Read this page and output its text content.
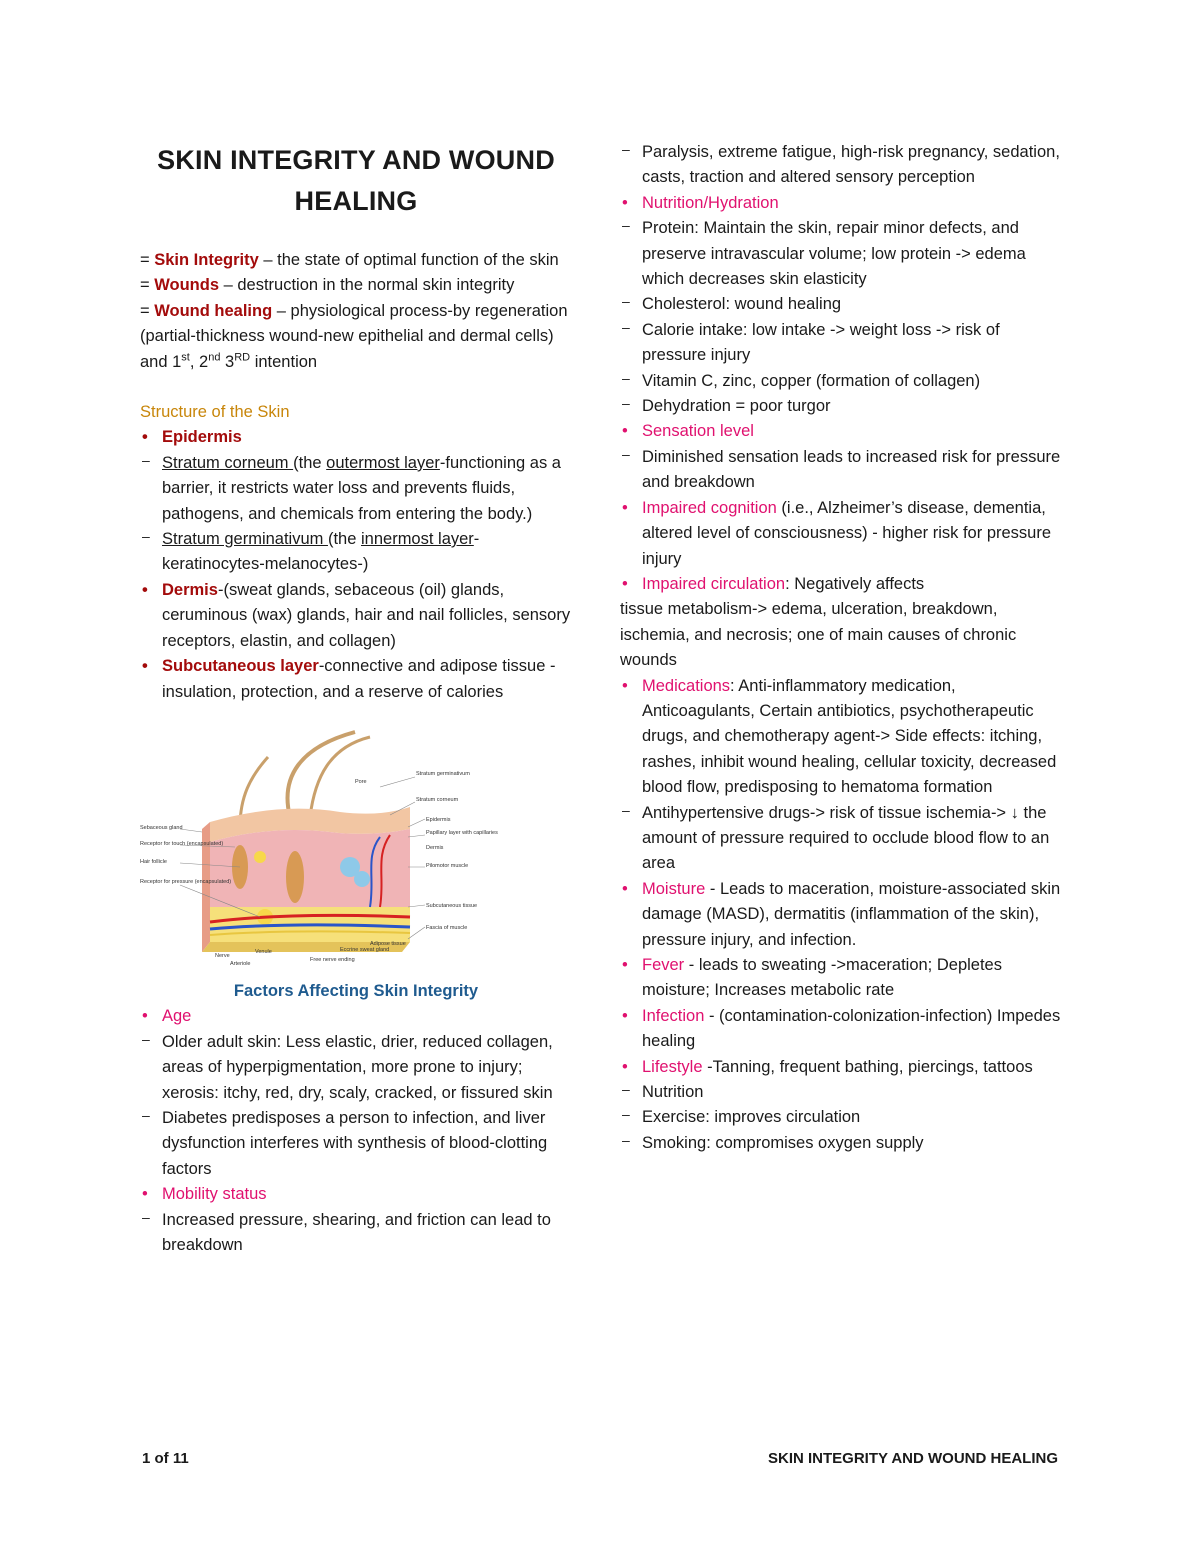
SKIN INTEGRITY AND WOUND
HEALING

= Skin Integrity – the state of optimal function of the skin

= Wounds – destruction in the normal skin integrity

= Wound healing – physiological process-by regeneration (partial-thickness wound-new epithelial and dermal cells) and 1st, 2nd 3RD intention

Structure of the Skin

• Epidermis
– Stratum corneum (the outermost layer-functioning as a barrier, it restricts water loss and prevents fluids, pathogens, and chemicals from entering the body.)
– Stratum germinativum (the innermost layer-keratinocytes-melanocytes-)
• Dermis-(sweat glands, sebaceous (oil) glands, ceruminous (wax) glands, hair and nail follicles, sensory receptors, elastin, and collagen)
• Subcutaneous layer-connective and adipose tissue - insulation, protection, and a reserve of calories
Pore
Stratum germinativum
Stratum corneum
Epidermis
Papillary layer with capillaries
Dermis
Pilomotor muscle
Subcutaneous tissue
Fascia of muscle
Sebaceous gland
Receptor for touch (encapsulated)
Hair follicle
Receptor for pressure (encapsulated)
Nerve
Arteriole
Venule
Free nerve ending
Eccrine sweat gland
Adipose tissue

Factors Affecting Skin Integrity

• Age
– Older adult skin: Less elastic, drier, reduced collagen, areas of hyperpigmentation, more prone to injury; xerosis: itchy, red, dry, scaly, cracked, or fissured skin
– Diabetes predisposes a person to infection, and liver dysfunction interferes with synthesis of blood-clotting factors
• Mobility status
– Increased pressure, shearing, and friction can lead to breakdown
– Paralysis, extreme fatigue, high-risk pregnancy, sedation, casts, traction and altered sensory perception
• Nutrition/Hydration
– Protein: Maintain the skin, repair minor defects, and preserve intravascular volume; low protein -> edema which decreases skin elasticity
– Cholesterol: wound healing
– Calorie intake: low intake -> weight loss -> risk of pressure injury
– Vitamin C, zinc, copper (formation of collagen)
– Dehydration = poor turgor
• Sensation level
– Diminished sensation leads to increased risk for pressure and breakdown
• Impaired cognition (i.e., Alzheimer’s disease, dementia, altered level of consciousness) - higher risk for pressure injury
• Impaired circulation: Negatively affects

tissue metabolism-> edema, ulceration, breakdown, ischemia, and necrosis; one of main causes of chronic wounds

• Medications: Anti-inflammatory medication, Anticoagulants, Certain antibiotics, psychotherapeutic drugs, and chemotherapy agent-> Side effects: itching, rashes, inhibit wound healing, cellular toxicity, decreased blood flow, predisposing to hematoma formation
– Antihypertensive drugs-> risk of tissue ischemia-> ↓ the amount of pressure required to occlude blood flow to an area
• Moisture - Leads to maceration, moisture-associated skin damage (MASD), dermatitis (inflammation of the skin), pressure injury, and infection.
• Fever - leads to sweating ->maceration; Depletes moisture; Increases metabolic rate
• Infection - (contamination-colonization-infection) Impedes healing
• Lifestyle -Tanning, frequent bathing, piercings, tattoos
– Nutrition
– Exercise: improves circulation
– Smoking: compromises oxygen supply
1 of 11	SKIN INTEGRITY AND WOUND HEALING
